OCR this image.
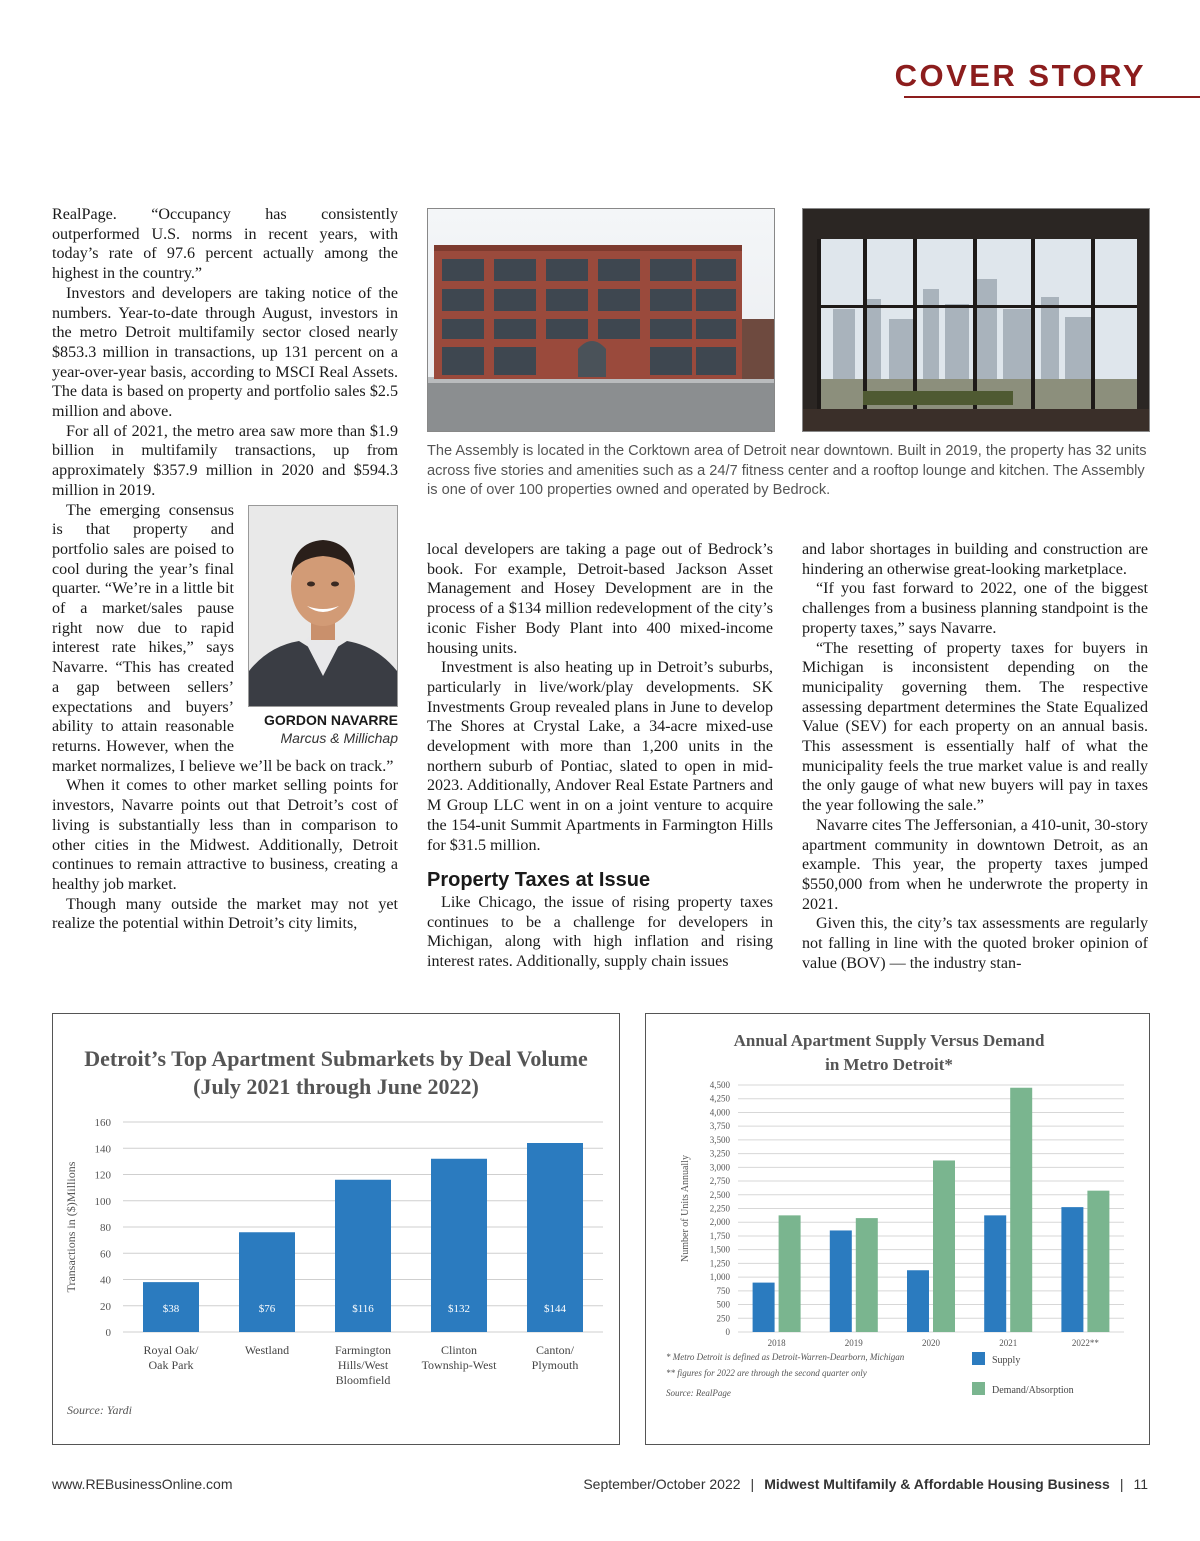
COVER STORY

RealPage. “Occupancy has consistently outperformed U.S. norms in recent years, with today’s rate of 97.6 percent actually among the highest in the country.”

Investors and developers are taking notice of the numbers. Year-to-date through August, investors in the metro Detroit multifamily sector closed nearly $853.3 million in transactions, up 131 percent on a year-over-year basis, according to MSCI Real Assets. The data is based on property and portfolio sales $2.5 million and above.

For all of 2021, the metro area saw more than $1.9 billion in multifamily transactions, up from approximately $357.9 million in 2020 and $594.3 million in 2019.

GORDON NAVARRE
Marcus & Millichap

The emerging consensus is that property and portfolio sales are poised to cool during the year’s final quarter. “We’re in a little bit of a market/sales pause right now due to rapid interest rate hikes,” says Navarre. “This has created a gap between sellers’ expectations and buyers’ ability to attain reasonable returns. However, when the market normalizes, I believe we’ll be back on track.”

When it comes to other market selling points for investors, Navarre points out that Detroit’s cost of living is substantially less than in comparison to other cities in the Midwest. Additionally, Detroit continues to remain attractive to business, creating a healthy job market.

Though many outside the market may not yet realize the potential within Detroit’s city limits,

The Assembly is located in the Corktown area of Detroit near downtown. Built in 2019, the property has 32 units across five stories and amenities such as a 24/7 fitness center and a rooftop lounge and kitchen. The Assembly is one of over 100 properties owned and operated by Bedrock.

local developers are taking a page out of Bedrock’s book. For example, Detroit-based Jackson Asset Management and Hosey Development are in the process of a $134 million redevelopment of the city’s iconic Fisher Body Plant into 400 mixed-income housing units.

Investment is also heating up in Detroit’s suburbs, particularly in live/work/play developments. SK Investments Group revealed plans in June to develop The Shores at Crystal Lake, a 34-acre mixed-use development with more than 1,200 units in the northern suburb of Pontiac, slated to open in mid-2023. Additionally, Andover Real Estate Partners and M Group LLC went in on a joint venture to acquire the 154-unit Summit Apartments in Farmington Hills for $31.5 million.

Property Taxes at Issue

Like Chicago, the issue of rising property taxes continues to be a challenge for developers in Michigan, along with high inflation and rising interest rates. Additionally, supply chain issues

and labor shortages in building and construction are hindering an otherwise great-looking marketplace.

“If you fast forward to 2022, one of the biggest challenges from a business planning standpoint is the property taxes,” says Navarre.

“The resetting of property taxes for buyers in Michigan is inconsistent depending on the municipality governing them. The respective assessing department determines the State Equalized Value (SEV) for each property on an annual basis. This assessment is essentially half of what the municipality feels the true market value is and really the only gauge of what new buyers will pay in taxes the year following the sale.”

Navarre cites The Jeffersonian, a 410-unit, 30-story apartment community in downtown Detroit, as an example. This year, the property taxes jumped $550,000 from when he underwrote the property in 2021.

Given this, the city’s tax assessments are regularly not falling in line with the quoted broker opinion of value (BOV) — the industry stan-

Detroit’s Top Apartment Submarkets by Deal Volume
(July 2021 through June 2022)
0
20
40
60
80
100
120
140
160
Transactions in ($)Millions
$38
Royal Oak/
Oak Park
$76
Westland
$116
Farmington
Hills/West
Bloomfield
$132
Clinton
Township-West
$144
Canton/
Plymouth
Source: Yardi
Annual Apartment Supply Versus Demand
in Metro Detroit*
0
250
500
750
1,000
1,250
1,500
1,750
2,000
2,250
2,500
2,750
3,000
3,250
3,500
3,750
4,000
4,250
4,500
Number of Units Annually
2018	2019	2020	2021	2022**
* Metro Detroit is defined as Detroit-Warren-Dearborn, Michigan
** figures for 2022 are through the second quarter only
Source: RealPage
Supply
Demand/Absorption
www.REBusinessOnline.com	September/October 2022 | Midwest Multifamily & Affordable Housing Business | 11
